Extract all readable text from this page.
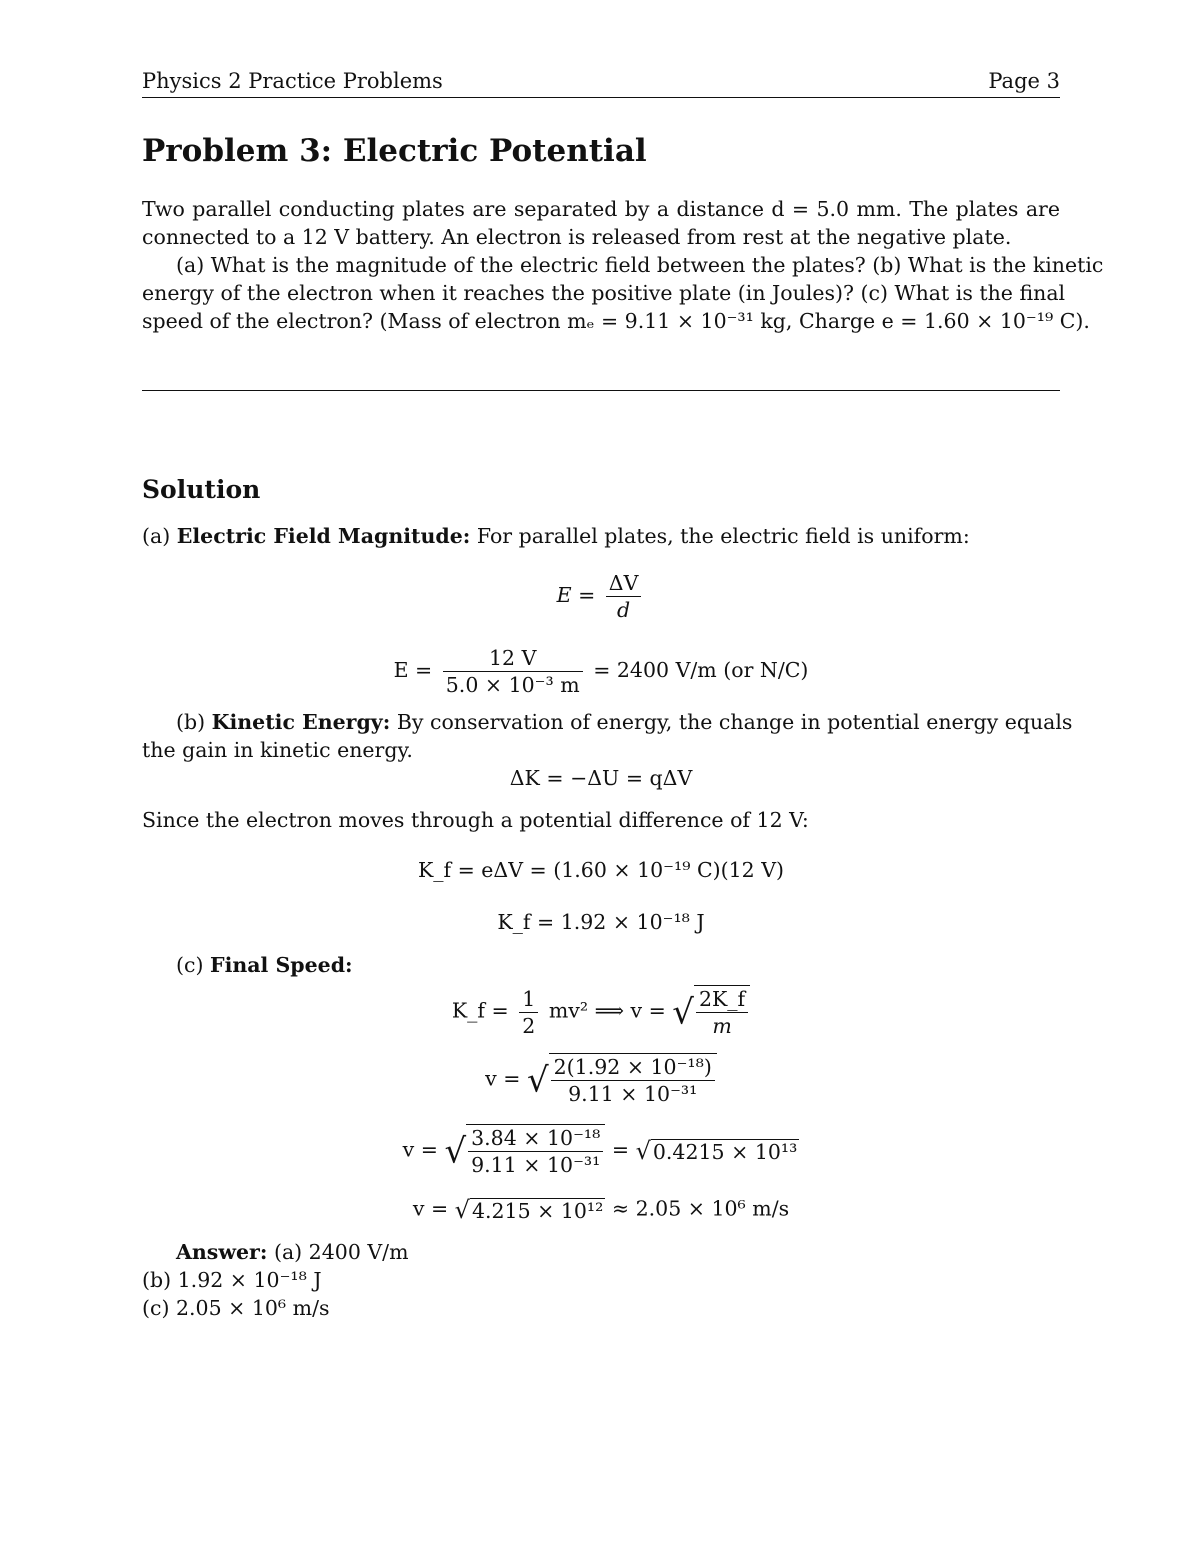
Physics 2 Practice Problems	Page 3
Problem 3: Electric Potential
Two parallel conducting plates are separated by a distance d = 5.0 mm. The plates are
connected to a 12 V battery. An electron is released from rest at the negative plate.
(a) What is the magnitude of the electric field between the plates? (b) What is the kinetic
energy of the electron when it reaches the positive plate (in Joules)? (c) What is the final
speed of the electron? (Mass of electron mₑ = 9.11 × 10⁻³¹ kg, Charge e = 1.60 × 10⁻¹⁹ C).
Solution
(a) Electric Field Magnitude: For parallel plates, the electric field is uniform:
$E = \frac{\Delta V}{d}$
$E = \frac{12 V}{\text{5.0 × 10⁻³ m}} = 2400$ V/m (or N/C)
(b) Kinetic Energy: By conservation of energy, the change in potential energy equals
the gain in kinetic energy.
ΔK = −ΔU = qΔV
Since the electron moves through a potential difference of 12 V:
K_f = eΔV = (1.60 × 10⁻¹⁹ C)(12 V)
K_f = 1.92 × 10⁻¹⁸ J
(c) Final Speed:
K_f = $\frac{1}{2} mv^2$ ⟹ v = √ $\frac{2K\_f}{m}$
v = √ $\frac{\text{2(1.92 × 10⁻¹⁸)}}{\text{9.11 × 10⁻³¹}}$
v = √ $\frac{\text{3.84 × 10⁻¹⁸}}{\text{9.11 × 10⁻³¹}} = √0.4215 \times 10^{13}$
v = √4.215 × 10¹² ≈ 2.05 × 10⁶ m/s
Answer: (a) 2400 V/m
(b) 1.92 × 10⁻¹⁸ J
(c) 2.05 × 10⁶ m/s
